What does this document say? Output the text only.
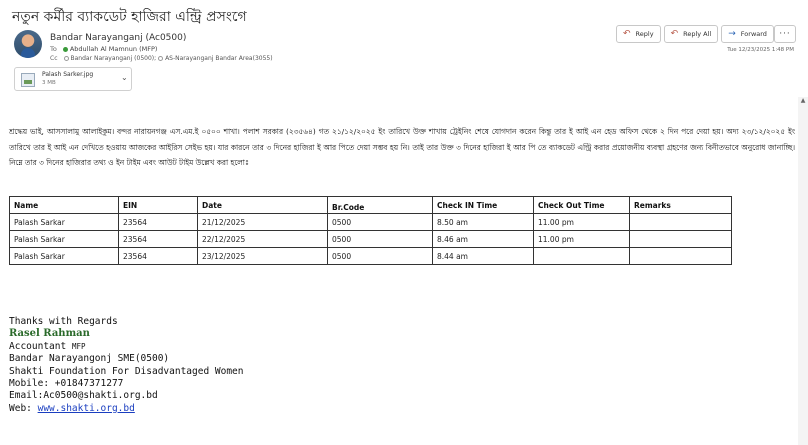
নতুন কর্মীর ব্যাকডেট হাজিরা এন্ট্রি প্রসংগে
Bandar Narayanganj (Ac0500)
To Abdullah Al Mamnun (MFP)
Cc Bandar Narayanganj (0500); AS-Narayanganj Bandar Area(3055)
↶ Reply ↶ Reply All → Forward	···
Tue 12/23/2025 1:48 PM
Palash Sarker.jpg
3 MB
⌄
▲
শ্রদ্ধেয় ভাই, আসসালামু আলাইকুম। বন্দর নারায়নগঞ্জ এস.এম.ই ০৫০০ শাখা। পলাশ সরকার (২৩৫৬৪) গত ২১/১২/২০২৫ ইং তারিখে উক্ত শাখায় ট্রেইনিং শেষে যোগদান করেন কিন্তু তার ই আই এন হেড অফিস থেকে ২ দিন পরে দেয়া হয়। অদ্য ২৩/১২/২০২৫ ইং তারিখে তার ই আই এন দেখিতে হওয়ায় আজকের আইরিস সেইভ হয়। যার কারনে তার ৩ দিনের হাজিরা ই আর পিতে দেয়া সম্ভব হয় নি। তাই তার উক্ত ৩ দিনের হাজিরা ই আর পি তে ব্যাকডেট এন্ট্রি করার প্রয়োজনীয় ব্যবস্থা গ্রহণের জন্য বিনীতভাবে অনুরোধ জানাচ্ছি। নিম্নে তার ৩ দিনের হাজিরার তথ্য ও ইন টাইম এবং আউট টাইম উল্লেখ করা হলোঃ
Name	EIN	Date	Br.Code	Check IN Time	Check Out Time	Remarks
Palash Sarkar	23564	21/12/2025	0500	8.50 am	11.00 pm	
Palash Sarkar	23564	22/12/2025	0500	8.46 am	11.00 pm	
Palash Sarkar	23564	23/12/2025	0500	8.44 am		
Thanks with Regards
Rasel Rahman
Accountant MFP
Bandar Narayangonj SME(0500)
Shakti Foundation For Disadvantaged Women
Mobile: +01847371277
Email:Ac0500@shakti.org.bd
Web: www.shakti.org.bd
